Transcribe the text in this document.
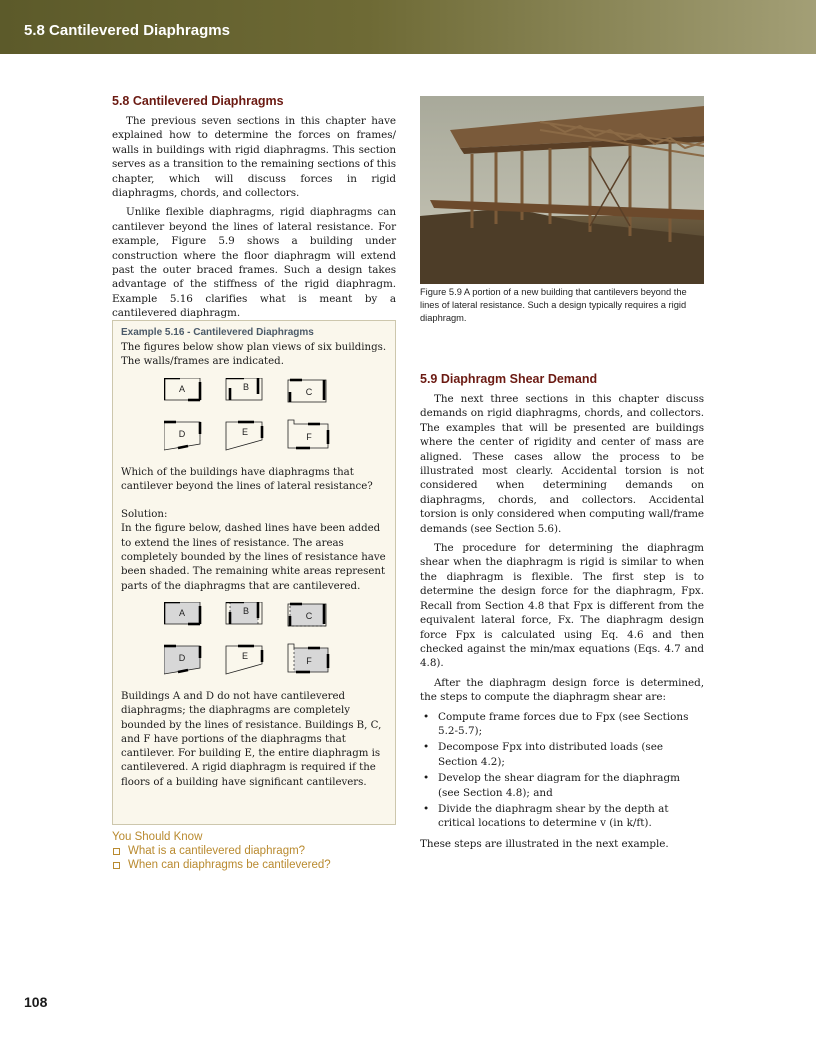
5.8 Cantilevered Diaphragms
5.8 Cantilevered Diaphragms

The previous seven sections in this chapter have explained how to determine the forces on frames/ walls in buildings with rigid diaphragms. This section serves as a transition to the remaining sections of this chapter, which will discuss forces in rigid diaphragms, chords, and collectors.

Unlike flexible diaphragms, rigid diaphragms can cantilever beyond the lines of lateral resistance. For example, Figure 5.9 shows a building under construction where the floor diaphragm will extend past the outer braced frames. Such a design takes advantage of the stiffness of the rigid diaphragm. Example 5.16 clarifies what is meant by a cantilevered diaphragm.

Example 5.16 - Cantilevered Diaphragms
The figures below show plan views of six buildings. The walls/frames are indicated.
A	B	C
D	E	F
Which of the buildings have diaphragms that cantilever beyond the lines of lateral resistance?
Solution:
In the figure below, dashed lines have been added to extend the lines of resistance. The areas completely bounded by the lines of resistance have been shaded. The remaining white areas represent parts of the diaphragms that are cantilevered.
A	B	C
D	E	F
Buildings A and D do not have cantilevered diaphragms; the diaphragms are completely bounded by the lines of resistance. Buildings B, C, and F have portions of the diaphragms that cantilever. For building E, the entire diaphragm is cantilevered. A rigid diaphragm is required if the floors of a building have significant cantilevers.
You Should Know
What is a cantilevered diaphragm?
When can diaphragms be cantilevered?
Figure 5.9 A portion of a new building that cantilevers beyond the lines of lateral resistance. Such a design typically requires a rigid diaphragm.
5.9 Diaphragm Shear Demand

The next three sections in this chapter discuss demands on rigid diaphragms, chords, and collectors. The examples that will be presented are buildings where the center of rigidity and center of mass are aligned. These cases allow the process to be illustrated most clearly. Accidental torsion is not considered when determining demands on diaphragms, chords, and collectors. Accidental torsion is only considered when computing wall/frame demands (see Section 5.6).

The procedure for determining the diaphragm shear when the diaphragm is rigid is similar to when the diaphragm is flexible. The first step is to determine the design force for the diaphragm, Fpx. Recall from Section 4.8 that Fpx is different from the equivalent lateral force, Fx. The diaphragm design force Fpx is calculated using Eq. 4.6 and then checked against the min/max equations (Eqs. 4.7 and 4.8).

After the diaphragm design force is determined, the steps to compute the diaphragm shear are:

• Compute frame forces due to Fpx (see Sections 5.2-5.7);
• Decompose Fpx into distributed loads (see Section 4.2);
• Develop the shear diagram for the diaphragm (see Section 4.8); and
• Divide the diaphragm shear by the depth at critical locations to determine v (in k/ft).

These steps are illustrated in the next example.

108
